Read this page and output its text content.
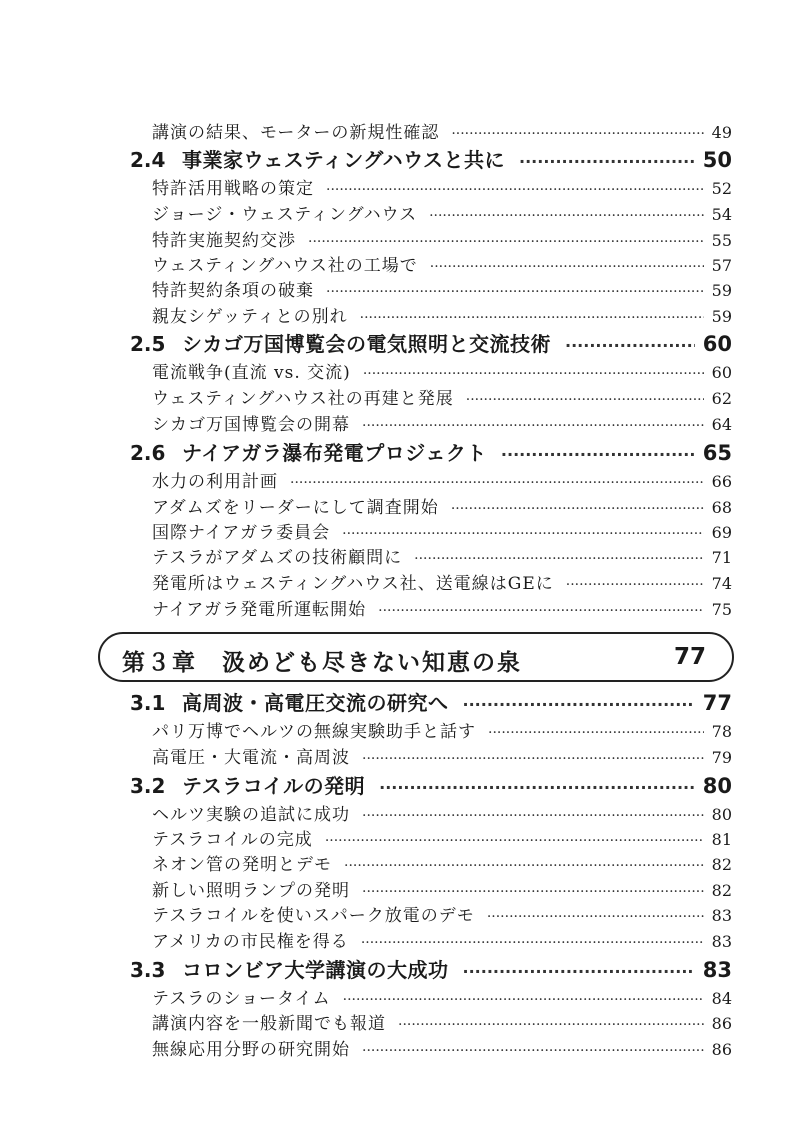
講演の結果、モーターの新規性確認 ·····	49
2.4 事業家ウェスティングハウスと共に ·····	50
特許活用戦略の策定 ·····	52
ジョージ・ウェスティングハウス ·····	54
特許実施契約交渉 ·····	55
ウェスティングハウス社の工場で ·····	57
特許契約条項の破棄 ·····	59
親友シゲッティとの別れ ·····	59
2.5 シカゴ万国博覧会の電気照明と交流技術 ·····	60
電流戦争(直流 vs. 交流) ·····	60
ウェスティングハウス社の再建と発展 ·····	62
シカゴ万国博覧会の開幕 ·····	64
2.6 ナイアガラ瀑布発電プロジェクト ·····	65
水力の利用計画 ·····	66
アダムズをリーダーにして調査開始 ·····	68
国際ナイアガラ委員会 ·····	69
テスラがアダムズの技術顧問に ·····	71
発電所はウェスティングハウス社、送電線はGEに ·····	74
ナイアガラ発電所運転開始 ·····	75
第３章　汲めども尽きない知恵の泉	77
3.1 高周波・高電圧交流の研究へ ·····	77
パリ万博でヘルツの無線実験助手と話す ·····	78
高電圧・大電流・高周波 ·····	79
3.2 テスラコイルの発明 ·····	80
ヘルツ実験の追試に成功 ·····	80
テスラコイルの完成 ·····	81
ネオン管の発明とデモ ·····	82
新しい照明ランプの発明 ·····	82
テスラコイルを使いスパーク放電のデモ ·····	83
アメリカの市民権を得る ·····	83
3.3 コロンビア大学講演の大成功 ·····	83
テスラのショータイム ·····	84
講演内容を一般新聞でも報道 ·····	86
無線応用分野の研究開始 ·····	86
